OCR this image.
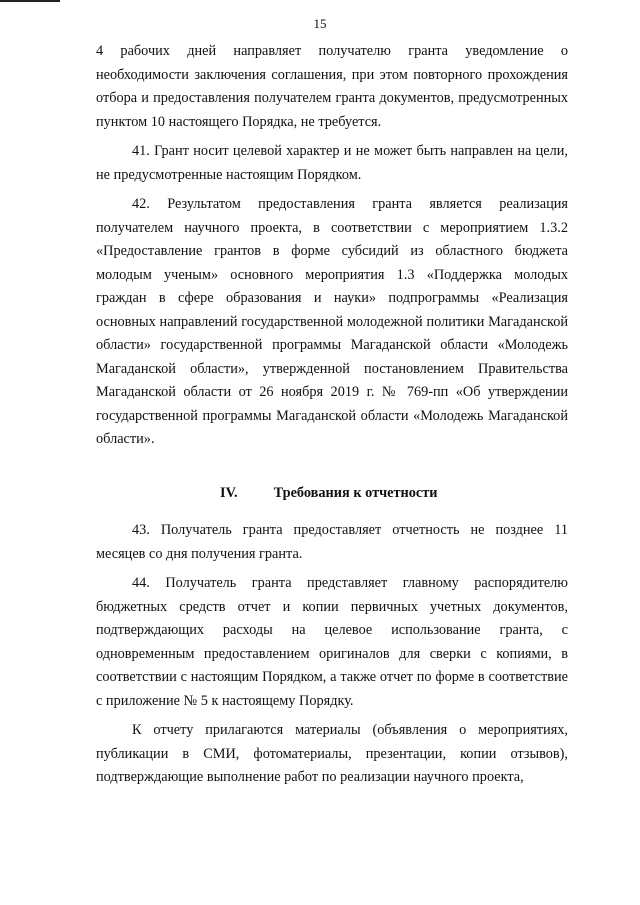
15

4 рабочих дней направляет получателю гранта уведомление о необходимости заключения соглашения, при этом повторного прохождения отбора и предоставления получателем гранта документов, предусмотренных пунктом 10 настоящего Порядка, не требуется.

41. Грант носит целевой характер и не может быть направлен на цели, не предусмотренные настоящим Порядком.

42. Результатом предоставления гранта является реализация получателем научного проекта, в соответствии с мероприятием 1.3.2 «Предоставление грантов в форме субсидий из областного бюджета молодым ученым» основного мероприятия 1.3 «Поддержка молодых граждан в сфере образования и науки» подпрограммы «Реализация основных направлений государственной молодежной политики Магаданской области» государственной программы Магаданской области «Молодежь Магаданской области», утвержденной постановлением Правительства Магаданской области от 26 ноября 2019 г. № 769-пп «Об утверждении государственной программы Магаданской области «Молодежь Магаданской области».

IV.	Требования к отчетности

43. Получатель гранта предоставляет отчетность не позднее 11 месяцев со дня получения гранта.

44. Получатель гранта представляет главному распорядителю бюджетных средств отчет и копии первичных учетных документов, подтверждающих расходы на целевое использование гранта, с одновременным предоставлением оригиналов для сверки с копиями, в соответствии с настоящим Порядком, а также отчет по форме в соответствие с приложение № 5 к настоящему Порядку.

К отчету прилагаются материалы (объявления о мероприятиях, публикации в СМИ, фотоматериалы, презентации, копии отзывов), подтверждающие выполнение работ по реализации научного проекта,
